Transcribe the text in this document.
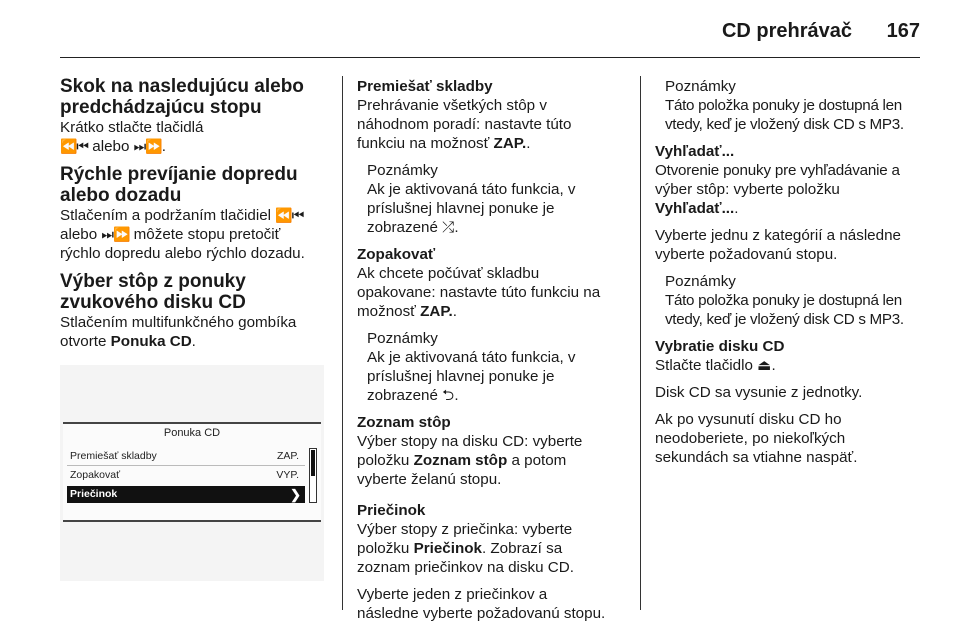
CD prehrávač 167
Skok na nasledujúcu alebo predchádzajúcu stopu
Krátko stlačte tlačidlá
⏪⏮ alebo ⏭⏩.
Rýchle prevíjanie dopredu alebo dozadu
Stlačením a podržaním tlačidiel ⏪⏮
alebo ⏭⏩ môžete stopu pretočiť
rýchlo dopredu alebo rýchlo dozadu.
Výber stôp z ponuky zvukového disku CD
Stlačením multifunkčného gombíka
otvorte Ponuka CD.
Ponuka CD
Premiešať skladby	ZAP.
Zopakovať	VYP.
Priečinok	❯
Premiešať skladby
Prehrávanie všetkých stôp v
náhodnom poradí: nastavte túto
funkciu na možnosť ZAP..
Poznámky
Ak je aktivovaná táto funkcia, v
príslušnej hlavnej ponuke je
zobrazené ⤮.
Zopakovať
Ak chcete počúvať skladbu
opakovane: nastavte túto funkciu na
možnosť ZAP..
Poznámky
Ak je aktivovaná táto funkcia, v
príslušnej hlavnej ponuke je
zobrazené ⮌.
Zoznam stôp
Výber stopy na disku CD: vyberte
položku Zoznam stôp a potom
vyberte želanú stopu.
Priečinok
Výber stopy z priečinka: vyberte
položku Priečinok. Zobrazí sa
zoznam priečinkov na disku CD.
Vyberte jeden z priečinkov a
následne vyberte požadovanú stopu.
Poznámky
Táto položka ponuky je dostupná len
vtedy, keď je vložený disk CD s MP3.
Vyhľadať...
Otvorenie ponuky pre vyhľadávanie a
výber stôp: vyberte položku
Vyhľadať....
Vyberte jednu z kategórií a následne
vyberte požadovanú stopu.
Poznámky
Táto položka ponuky je dostupná len
vtedy, keď je vložený disk CD s MP3.
Vybratie disku CD
Stlačte tlačidlo ⏏.
Disk CD sa vysunie z jednotky.
Ak po vysunutí disku CD ho
neodoberiete, po niekoľkých
sekundách sa vtiahne naspäť.
